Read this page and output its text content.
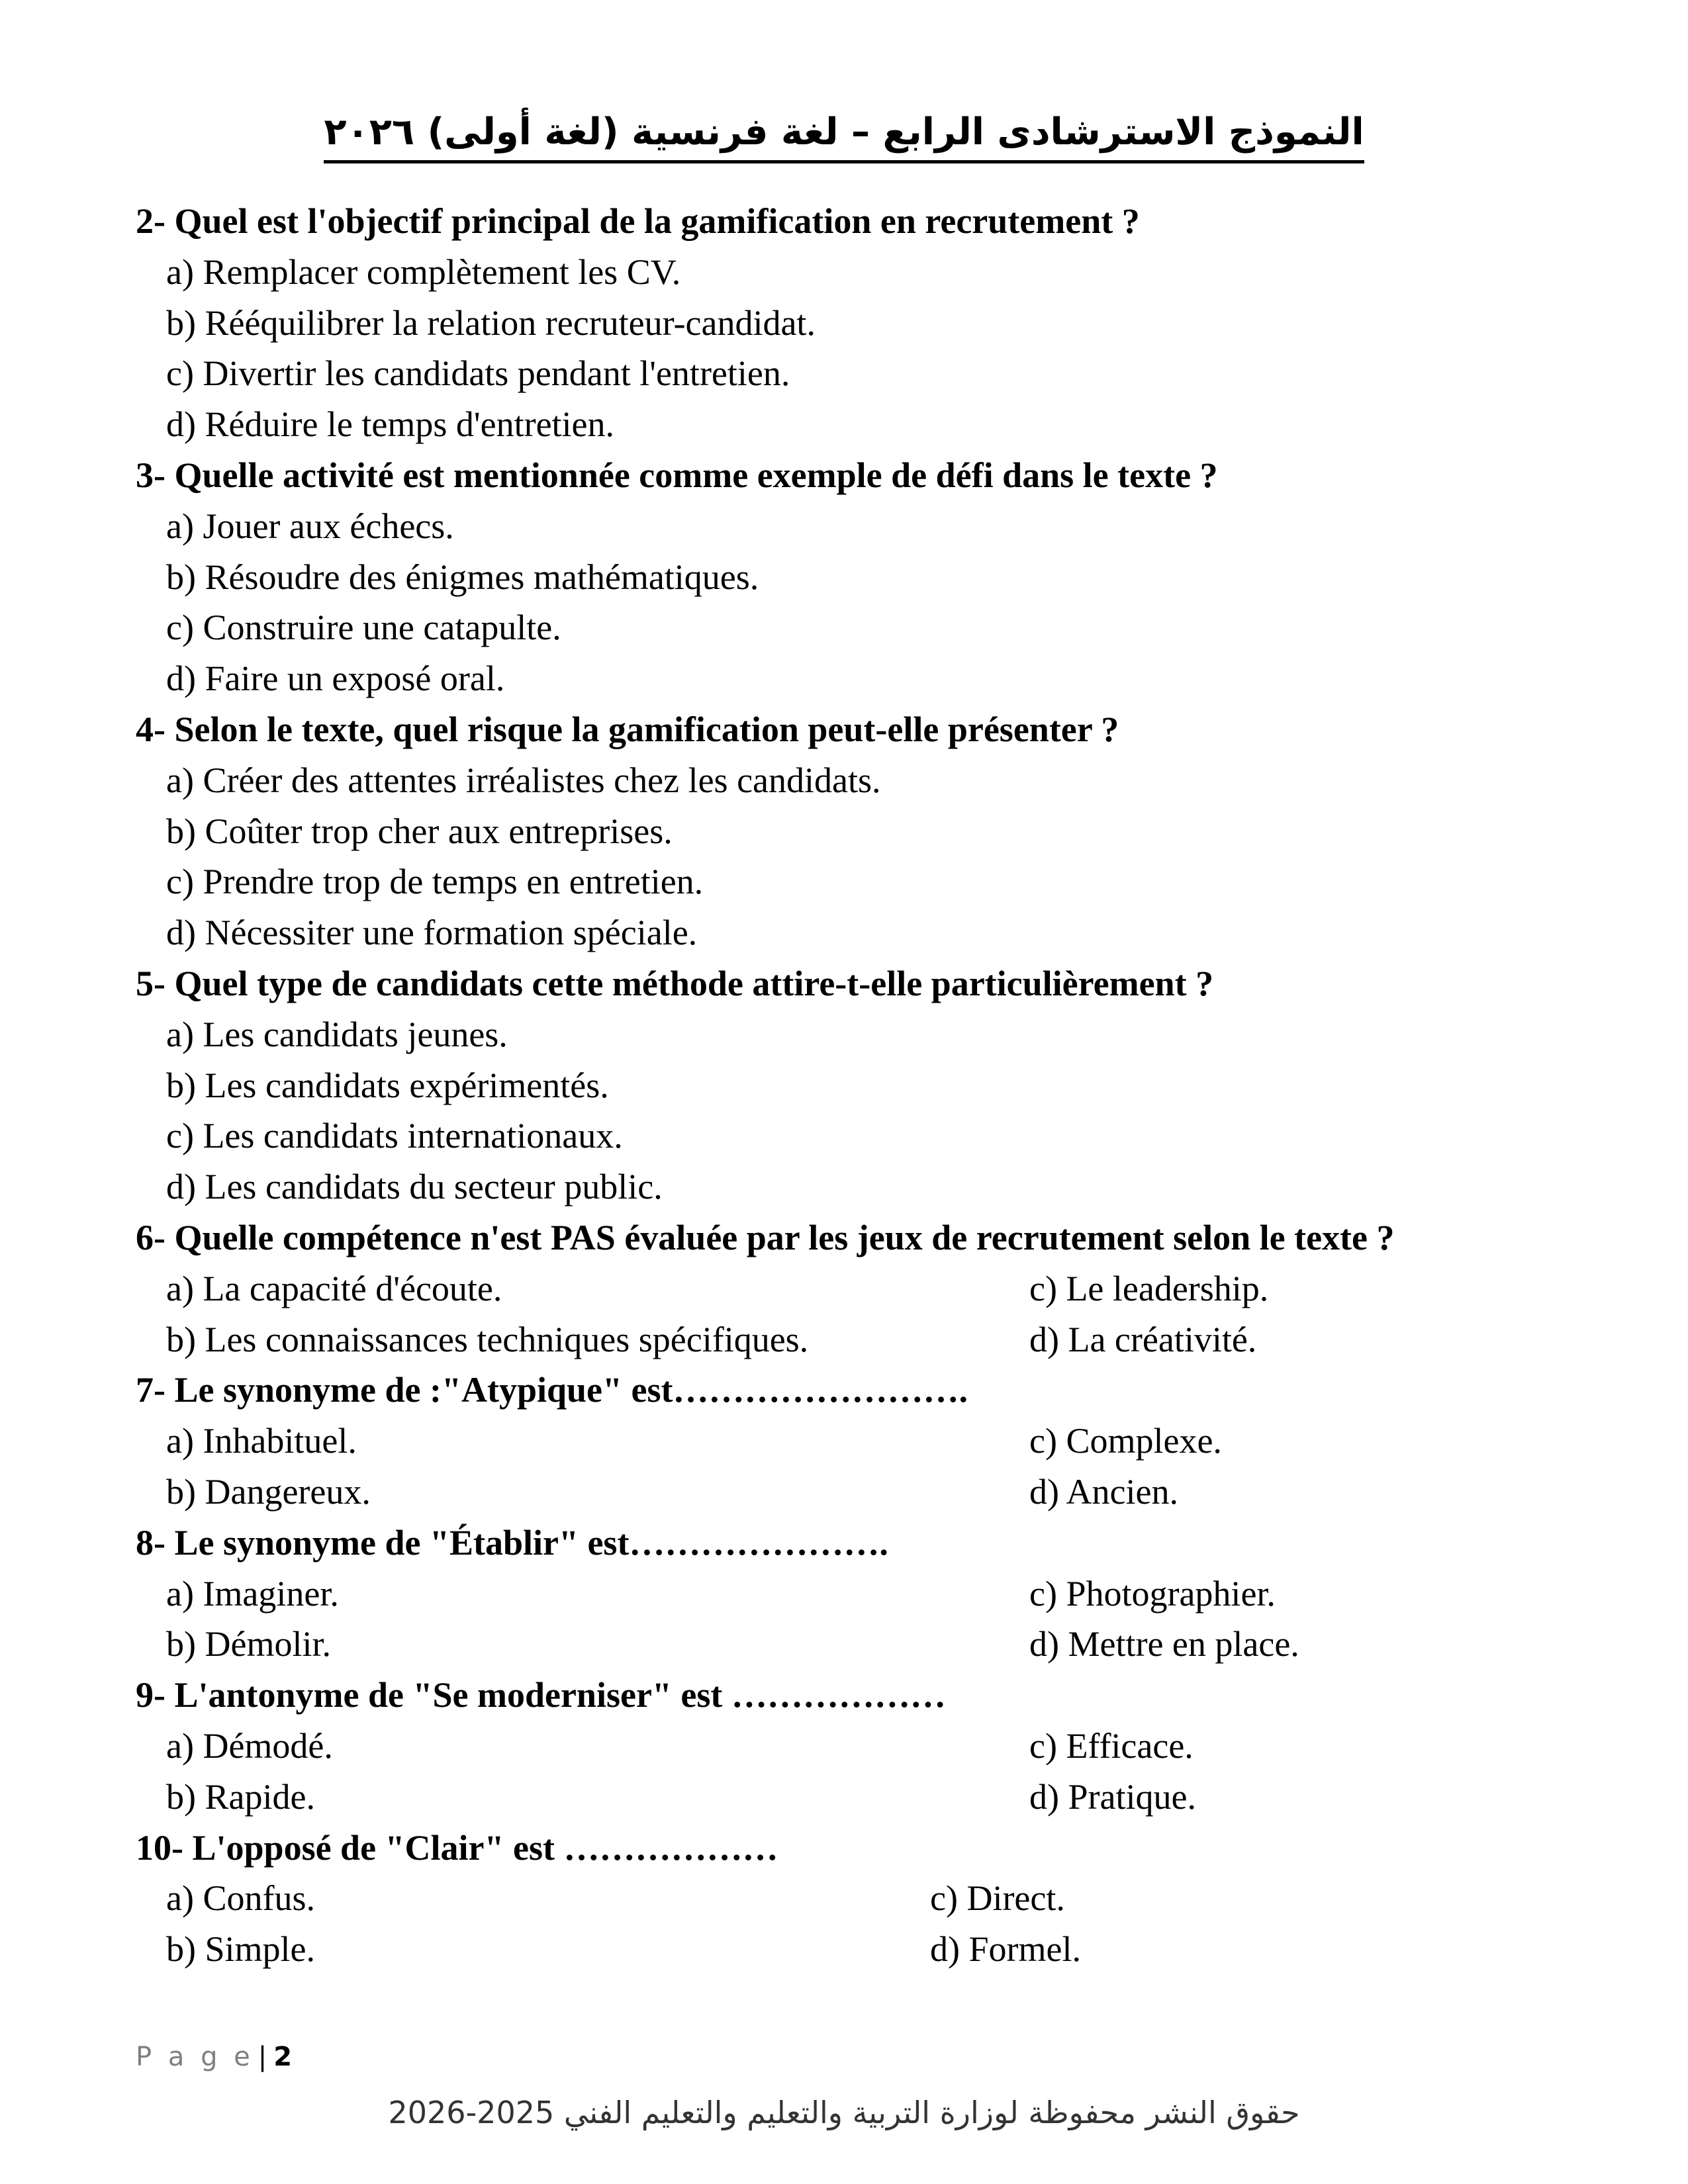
النموذج الاسترشادى الرابع – لغة فرنسية (لغة أولى) ٢٠٢٦
2- Quel est l'objectif principal de la gamification en recrutement ?
a) Remplacer complètement les CV.
b) Rééquilibrer la relation recruteur-candidat.
c) Divertir les candidats pendant l'entretien.
d) Réduire le temps d'entretien.
3- Quelle activité est mentionnée comme exemple de défi dans le texte ?
a) Jouer aux échecs.
b) Résoudre des énigmes mathématiques.
c) Construire une catapulte.
d) Faire un exposé oral.
4- Selon le texte, quel risque la gamification peut-elle présenter ?
a) Créer des attentes irréalistes chez les candidats.
b) Coûter trop cher aux entreprises.
c) Prendre trop de temps en entretien.
d) Nécessiter une formation spéciale.
5- Quel type de candidats cette méthode attire-t-elle particulièrement ?
a) Les candidats jeunes.
b) Les candidats expérimentés.
c) Les candidats internationaux.
d) Les candidats du secteur public.
6- Quelle compétence n'est PAS évaluée par les jeux de recrutement selon le texte ?
a) La capacité d'écoute.	c) Le leadership.
b) Les connaissances techniques spécifiques.	d) La créativité.
7- Le synonyme de :"Atypique" est…………………….
a) Inhabituel.	c) Complexe.
b) Dangereux.	d) Ancien.
8- Le synonyme de "Établir" est………………….
a) Imaginer.	c) Photographier.
b) Démolir.	d) Mettre en place.
9- L'antonyme de "Se moderniser" est ………………
a) Démodé.	c) Efficace.
b) Rapide.	d) Pratique.
10- L'opposé de "Clair" est ………………
a) Confus.	c) Direct.
b) Simple.	d) Formel.
P a g e | 2
حقوق النشر محفوظة لوزارة التربية والتعليم والتعليم الفني 2025-2026
